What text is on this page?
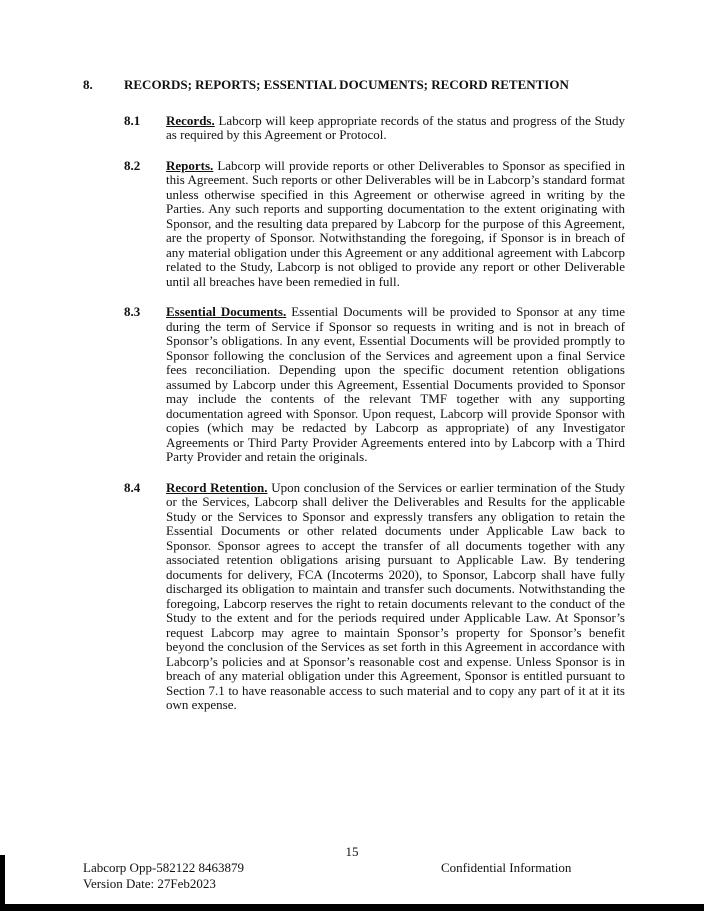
8.	RECORDS; REPORTS; ESSENTIAL DOCUMENTS; RECORD RETENTION
8.1	Records. Labcorp will keep appropriate records of the status and progress of the Study as required by this Agreement or Protocol.
8.2	Reports. Labcorp will provide reports or other Deliverables to Sponsor as specified in this Agreement. Such reports or other Deliverables will be in Labcorp’s standard format unless otherwise specified in this Agreement or otherwise agreed in writing by the Parties. Any such reports and supporting documentation to the extent originating with Sponsor, and the resulting data prepared by Labcorp for the purpose of this Agreement, are the property of Sponsor. Notwithstanding the foregoing, if Sponsor is in breach of any material obligation under this Agreement or any additional agreement with Labcorp related to the Study, Labcorp is not obliged to provide any report or other Deliverable until all breaches have been remedied in full.
8.3	Essential Documents. Essential Documents will be provided to Sponsor at any time during the term of Service if Sponsor so requests in writing and is not in breach of Sponsor’s obligations. In any event, Essential Documents will be provided promptly to Sponsor following the conclusion of the Services and agreement upon a final Service fees reconciliation. Depending upon the specific document retention obligations assumed by Labcorp under this Agreement, Essential Documents provided to Sponsor may include the contents of the relevant TMF together with any supporting documentation agreed with Sponsor. Upon request, Labcorp will provide Sponsor with copies (which may be redacted by Labcorp as appropriate) of any Investigator Agreements or Third Party Provider Agreements entered into by Labcorp with a Third Party Provider and retain the originals.
8.4	Record Retention. Upon conclusion of the Services or earlier termination of the Study or the Services, Labcorp shall deliver the Deliverables and Results for the applicable Study or the Services to Sponsor and expressly transfers any obligation to retain the Essential Documents or other related documents under Applicable Law back to Sponsor. Sponsor agrees to accept the transfer of all documents together with any associated retention obligations arising pursuant to Applicable Law. By tendering documents for delivery, FCA (Incoterms 2020), to Sponsor, Labcorp shall have fully discharged its obligation to maintain and transfer such documents. Notwithstanding the foregoing, Labcorp reserves the right to retain documents relevant to the conduct of the Study to the extent and for the periods required under Applicable Law. At Sponsor’s request Labcorp may agree to maintain Sponsor’s property for Sponsor’s benefit beyond the conclusion of the Services as set forth in this Agreement in accordance with Labcorp’s policies and at Sponsor’s reasonable cost and expense. Unless Sponsor is in breach of any material obligation under this Agreement, Sponsor is entitled pursuant to Section 7.1 to have reasonable access to such material and to copy any part of it at it its own expense.
15
Labcorp Opp-582122 8463879
Version Date: 27Feb2023
Confidential Information
